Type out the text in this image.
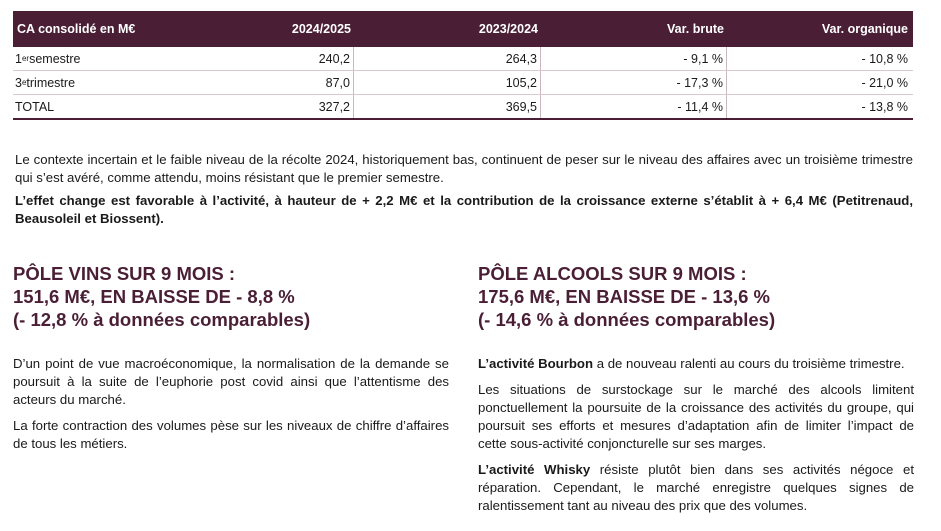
CA consolidé en M€	2024/2025	2023/2024	Var. brute	Var. organique
1 er semestre	240,2	264,3	- 9,1 %	- 10,8 %
3 e trimestre	87,0	105,2	- 17,3 %	- 21,0 %
TOTAL	327,2	369,5	- 11,4 %	- 13,8 %

Le contexte incertain et le faible niveau de la récolte 2024, historiquement bas, continuent de peser sur le niveau des affaires avec un troisième trimestre qui s’est avéré, comme attendu, moins résistant que le premier semestre.

L’effet change est favorable à l’activité, à hauteur de + 2,2 M€ et la contribution de la croissance externe s’établit à + 6,4 M€ (Petitrenaud, Beausoleil et Biossent).

PÔLE VINS SUR 9 MOIS :
151,6 M€, EN BAISSE DE - 8,8 %
(- 12,8 % à données comparables)

D’un point de vue macroéconomique, la normalisation de la demande se poursuit à la suite de l’euphorie post covid ainsi que l’attentisme des acteurs du marché.

La forte contraction des volumes pèse sur les niveaux de chiffre d’affaires de tous les métiers.

PÔLE ALCOOLS SUR 9 MOIS :
175,6 M€, EN BAISSE DE - 13,6 %
(- 14,6 % à données comparables)

L’activité Bourbon a de nouveau ralenti au cours du troisième trimestre.

Les situations de surstockage sur le marché des alcools limitent ponctuellement la poursuite de la croissance des activités du groupe, qui poursuit ses efforts et mesures d’adaptation afin de limiter l’impact de cette sous-activité conjoncturelle sur ses marges.

L’activité Whisky résiste plutôt bien dans ses activités négoce et réparation. Cependant, le marché enregistre quelques signes de ralentissement tant au niveau des prix que des volumes.
